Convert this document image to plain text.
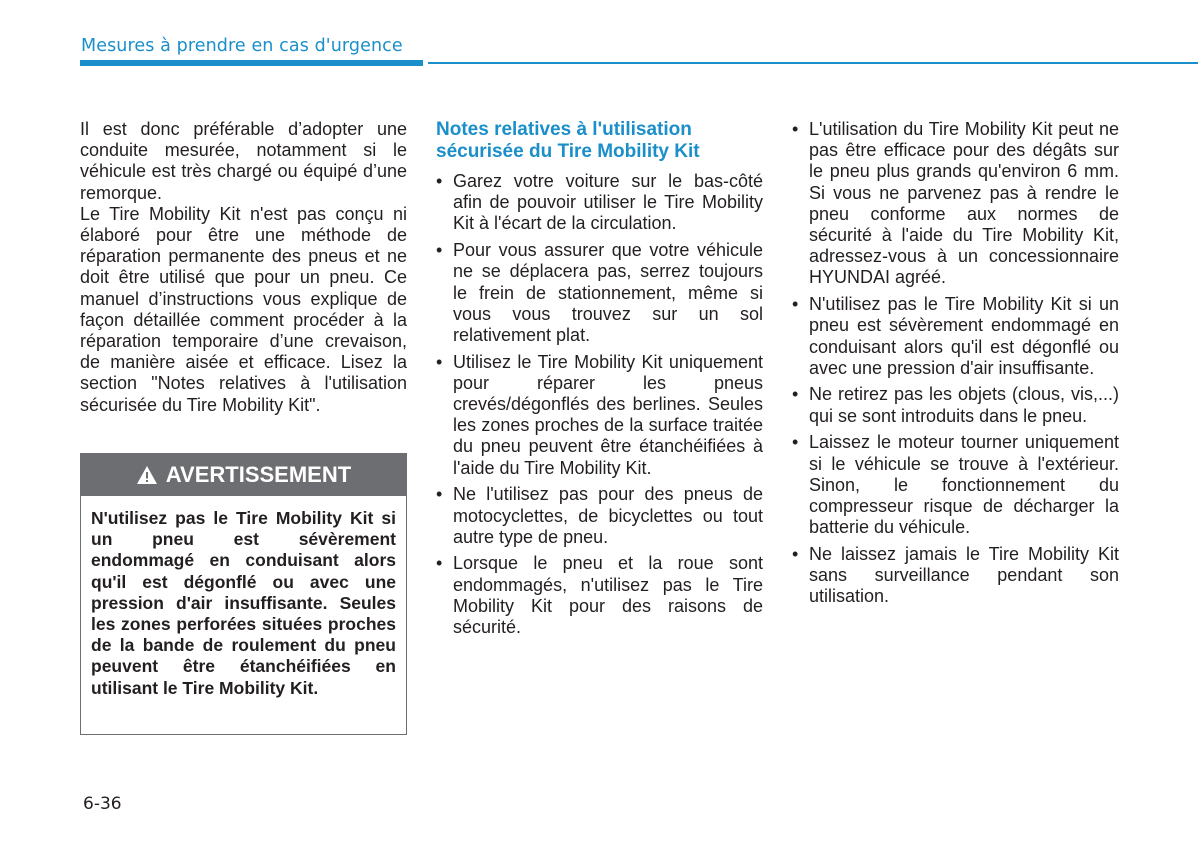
Mesures à prendre en cas d'urgence

Il est donc préférable d’adopter une conduite mesurée, notamment si le véhicule est très chargé ou équipé d’une remorque.

Le Tire Mobility Kit n'est pas conçu ni élaboré pour être une méthode de réparation permanente des pneus et ne doit être utilisé que pour un pneu. Ce manuel d’instructions vous explique de façon détaillée comment procéder à la réparation temporaire d’une crevaison, de manière aisée et efficace. Lisez la section "Notes relatives à l'utilisation sécurisée du Tire Mobility Kit".

AVERTISSEMENT
N'utilisez pas le Tire Mobility Kit si un pneu est sévèrement endommagé en conduisant alors qu'il est dégonflé ou avec une pression d'air insuffisante. Seules les zones perforées situées proches de la bande de roulement du pneu peuvent être étanchéifiées en utilisant le Tire Mobility Kit.
Notes relatives à l'utilisation sécurisée du Tire Mobility Kit
• Garez votre voiture sur le bas-côté afin de pouvoir utiliser le Tire Mobility Kit à l'écart de la circulation.
• Pour vous assurer que votre véhicule ne se déplacera pas, serrez toujours le frein de stationnement, même si vous vous trouvez sur un sol relativement plat.
• Utilisez le Tire Mobility Kit uniquement pour réparer les pneus crevés/dégonflés des berlines. Seules les zones proches de la surface traitée du pneu peuvent être étanchéifiées à l'aide du Tire Mobility Kit.
• Ne l'utilisez pas pour des pneus de motocyclettes, de bicyclettes ou tout autre type de pneu.
• Lorsque le pneu et la roue sont endommagés, n'utilisez pas le Tire Mobility Kit pour des raisons de sécurité.
• L'utilisation du Tire Mobility Kit peut ne pas être efficace pour des dégâts sur le pneu plus grands qu'environ 6 mm. Si vous ne parvenez pas à rendre le pneu conforme aux normes de sécurité à l'aide du Tire Mobility Kit, adressez-vous à un concessionnaire HYUNDAI agréé.
• N'utilisez pas le Tire Mobility Kit si un pneu est sévèrement endommagé en conduisant alors qu'il est dégonflé ou avec une pression d'air insuffisante.
• Ne retirez pas les objets (clous, vis,...) qui se sont introduits dans le pneu.
• Laissez le moteur tourner uniquement si le véhicule se trouve à l'extérieur. Sinon, le fonctionnement du compresseur risque de décharger la batterie du véhicule.
• Ne laissez jamais le Tire Mobility Kit sans surveillance pendant son utilisation.
6-36
